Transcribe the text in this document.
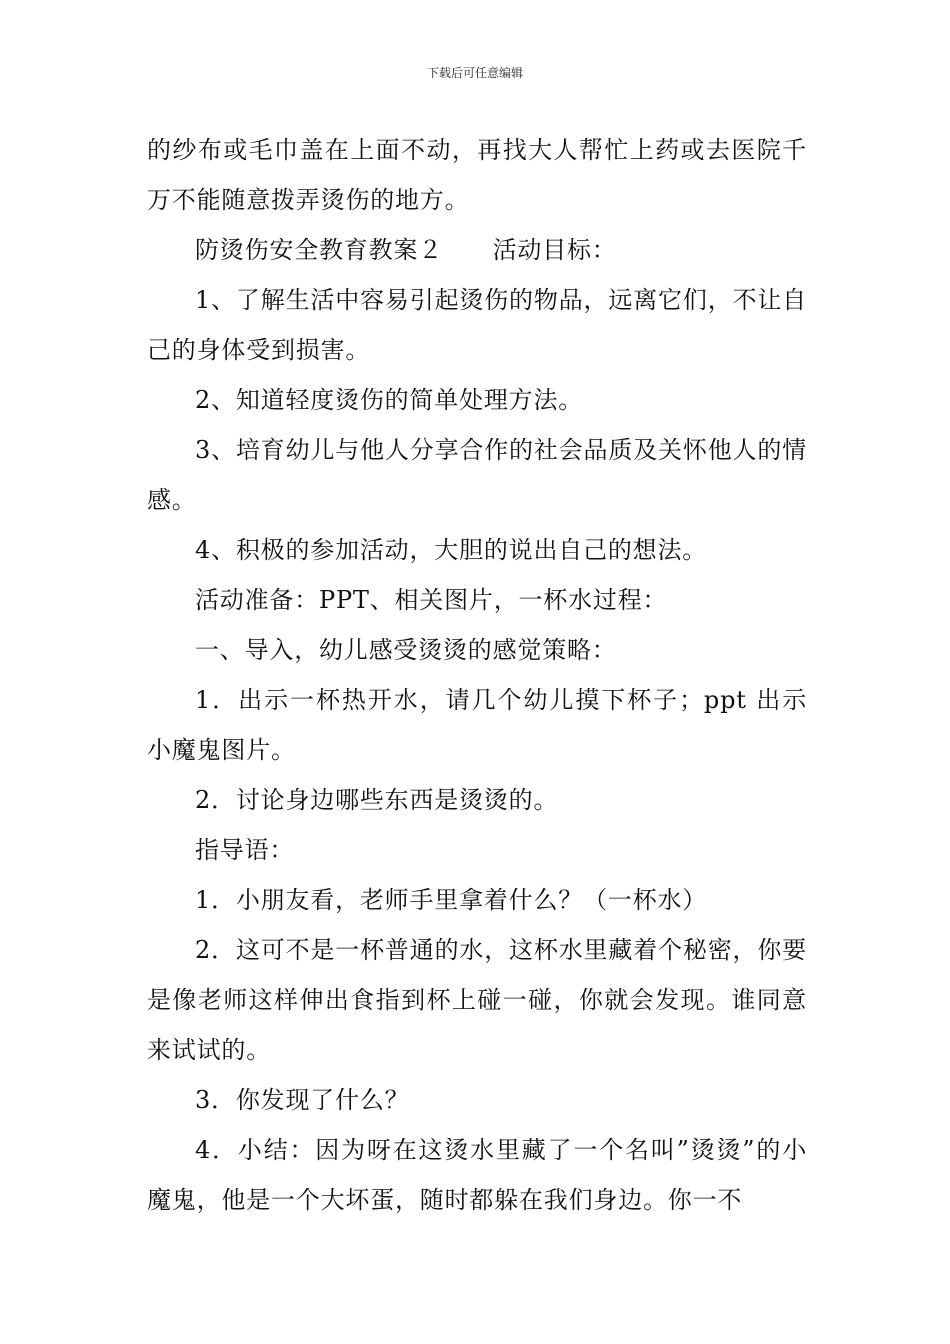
下载后可任意编辑

的纱布或毛巾盖在上面不动，再找大人帮忙上药或去医院千万不能随意拨弄烫伤的地方。

防烫伤安全教育教案２　　活动目标：

1、了解生活中容易引起烫伤的物品，远离它们，不让自己的身体受到损害。

2、知道轻度烫伤的简单处理方法。

3、培育幼儿与他人分享合作的社会品质及关怀他人的情感。

4、积极的参加活动，大胆的说出自己的想法。

活动准备：PPT、相关图片，一杯水过程：

一、导入，幼儿感受烫烫的感觉策略：

1．出示一杯热开水，请几个幼儿摸下杯子；ppt 出示小魔鬼图片。

2．讨论身边哪些东西是烫烫的。

指导语：

1．小朋友看，老师手里拿着什么？（一杯水）

2．这可不是一杯普通的水，这杯水里藏着个秘密，你要是像老师这样伸出食指到杯上碰一碰，你就会发现。谁同意来试试的。

3．你发现了什么？

4．小结：因为呀在这烫水里藏了一个名叫”烫烫”的小魔鬼，他是一个大坏蛋，随时都躲在我们身边。你一不
